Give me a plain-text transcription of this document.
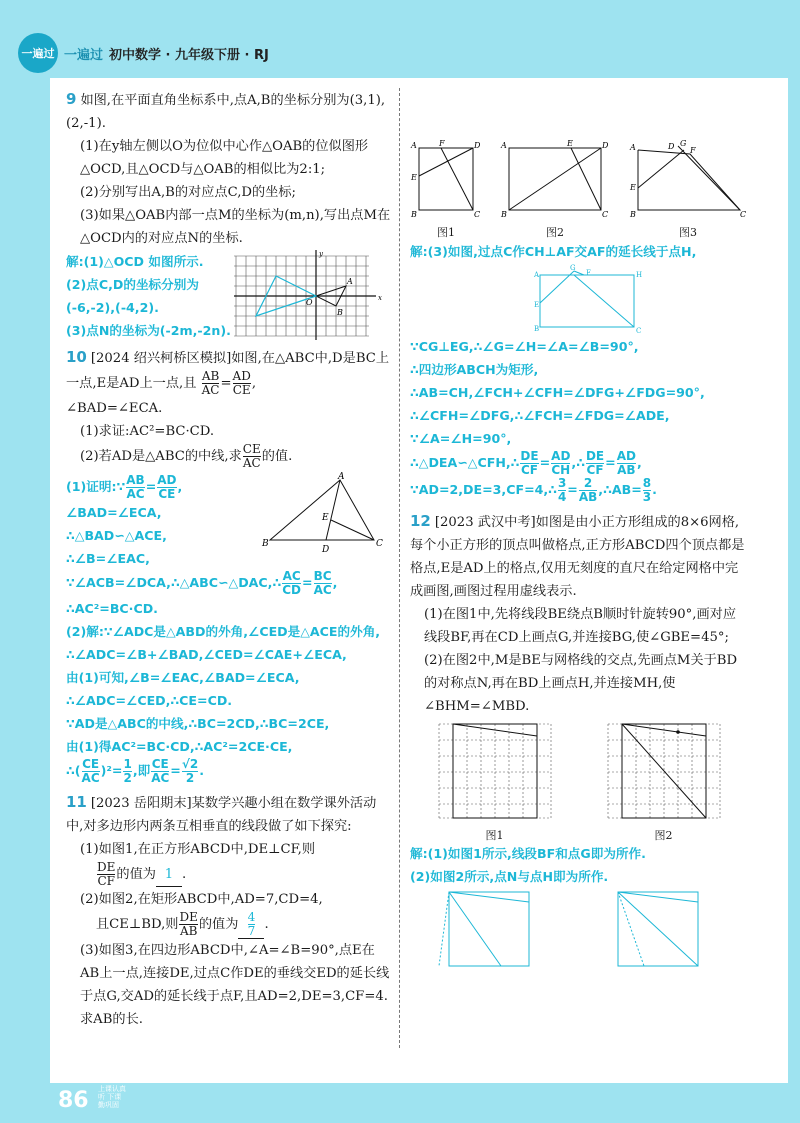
一遍过 一遍过 初中数学 · 九年级下册 · RJ

9 如图,在平面直角坐标系中,点A,B的坐标分别为(3,1),(2,-1).

(1)在y轴左侧以O为位似中心作△OAB的位似图形△OCD,且△OCD与△OAB的相似比为2:1;

(2)分别写出A,B的对应点C,D的坐标;

(3)如果△OAB内部一点M的坐标为(m,n),写出点M在△OCD内的对应点N的坐标.

解:(1)△OCD 如图所示.

(2)点C,D的坐标分别为(-6,-2),(-4,2).

(3)点N的坐标为(-2m,-2n).

A
B
O	x
y

10 [2024 绍兴柯桥区模拟]如图,在△ABC中,D是BC上一点,E是AD上一点,且 $\frac{AB}{AC} = \frac{AD}{CE}$ ,

∠BAD=∠ECA.

(1)求证:AC²=BC·CD.

(2)若AD是△ABC的中线,求 $\frac{CE}{AC}$ 的值.

(1)证明:∵ $\frac{AB}{AC} = \frac{AD}{CE}$ ,

∠BAD=∠ECA,

∴△BAD∽△ACE,

∴∠B=∠EAC,

A
B	C
D
E

∵∠ACB=∠DCA,∴△ABC∽△DAC,∴ $\frac{AC}{CD} = \frac{BC}{AC}$ ,

∴AC²=BC·CD.

(2)解:∵∠ADC是△ABD的外角,∠CED是△ACE的外角,

∴∠ADC=∠B+∠BAD,∠CED=∠CAE+∠ECA,

由(1)可知,∠B=∠EAC,∠BAD=∠ECA,

∴∠ADC=∠CED,∴CE=CD.

∵AD是△ABC的中线,∴BC=2CD,∴BC=2CE,

由(1)得AC²=BC·CD,∴AC²=2CE·CE,

∴( $\frac{CE}{AC} )^2= \frac{1}{2}$ ,即 $\frac{CE}{AC} = \frac{√2}{2}$ .

11 [2023 岳阳期末]某数学兴趣小组在数学课外活动中,对多边形内两条互相垂直的线段做了如下探究:

(1)如图1,在正方形ABCD中,DE⊥CF,则

$\frac{DE}{CF}$ 的值为 1 .

(2)如图2,在矩形ABCD中,AD=7,CD=4,

且CE⊥BD,则 $\frac{DE}{AB}$ 的值为 $\frac{4}{7}$ .

(3)如图3,在四边形ABCD中,∠A=∠B=90°,点E在AB上一点,连接DE,过点C作DE的垂线交ED的延长线于点G,交AD的延长线于点F,且AD=2,DE=3,CF=4.求AB的长.

A	F	D
E
B	C
图1
A	E	D
B	C
图2
A	D G
F
E
B	C
图3

解:(3)如图,过点C作CH⊥AF交AF的延长线于点H,

A
G
F	H
E
B	C

∵CG⊥EG,∴∠G=∠H=∠A=∠B=90°,

∴四边形ABCH为矩形,

∴AB=CH,∠FCH+∠CFH=∠DFG+∠FDG=90°,

∴∠CFH=∠DFG,∴∠FCH=∠FDG=∠ADE,

∵∠A=∠H=90°,

∴△DEA∽△CFH,∴ $\frac{DE}{CF} = \frac{AD}{CH}$ ,∴ $\frac{DE}{CF} = \frac{AD}{AB}$ ,

∵AD=2,DE=3,CF=4,∴ $\frac{3}{4} = \frac{2}{AB}$ ,∴AB= $\frac{8}{3}$ .

12 [2023 武汉中考]如图是由小正方形组成的8×6网格,每个小正方形的顶点叫做格点,正方形ABCD四个顶点都是格点,E是AD上的格点,仅用无刻度的直尺在给定网格中完成画图,画图过程用虚线表示.

(1)在图1中,先将线段BE绕点B顺时针旋转90°,画对应线段BF,再在CD上画点G,并连接BG,使∠GBE=45°;

(2)在图2中,M是BE与网格线的交点,先画点M关于BD的对称点N,再在BD上画点H,并连接MH,使∠BHM=∠MBD.

图1	图2

解:(1)如图1所示,线段BF和点G即为所作.

(2)如图2所示,点N与点H即为所作.

86 上课认真听 下课勤巩固
